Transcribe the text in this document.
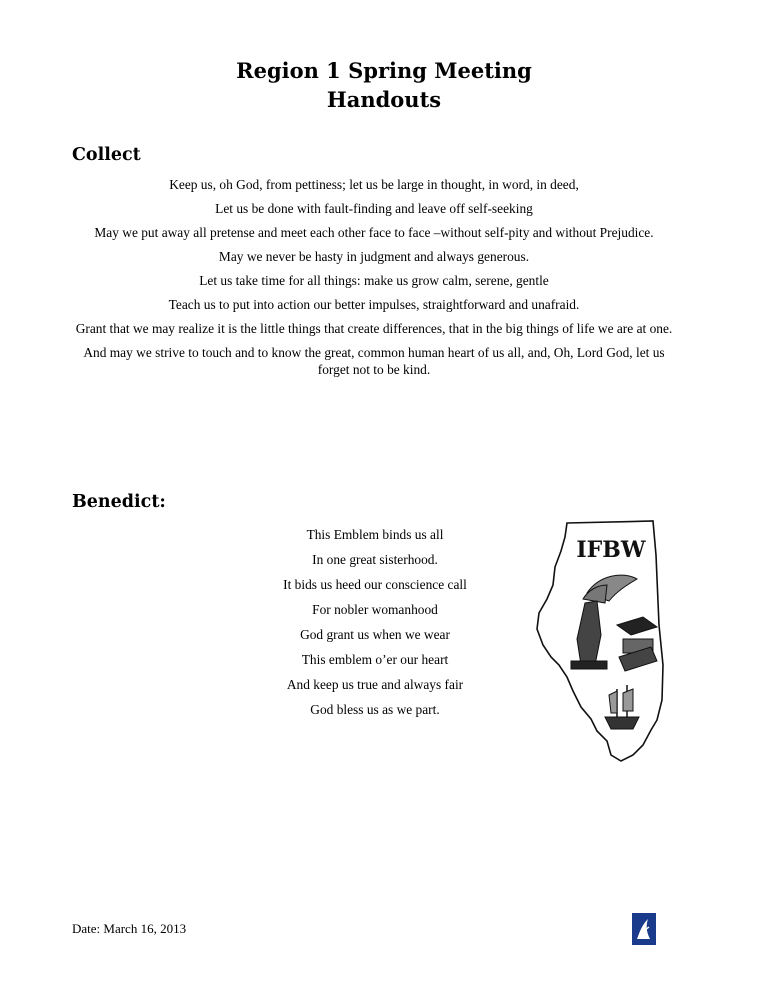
Region 1 Spring Meeting

Handouts

Collect

Keep us, oh God, from pettiness; let us be large in thought, in word, in deed,

Let us be done with fault-finding and leave off self-seeking

May we put away all pretense and meet each other face to face –without self-pity and without Prejudice.

May we never be hasty in judgment and always generous.

Let us take time for all things: make us grow calm, serene, gentle

Teach us to put into action our better impulses, straightforward and unafraid.

Grant that we may realize it is the little things that create differences, that in the big things of life we are at one.

And may we strive to touch and to know the great, common human heart of us all, and, Oh, Lord God, let us forget not to be kind.

Benedict:

This Emblem binds us all

In one great sisterhood.

It bids us heed our conscience call

For nobler womanhood

God grant us when we wear

This emblem o’er our heart

And keep us true and always fair

God bless us as we part.

IFBW
Date: March 16, 2013
